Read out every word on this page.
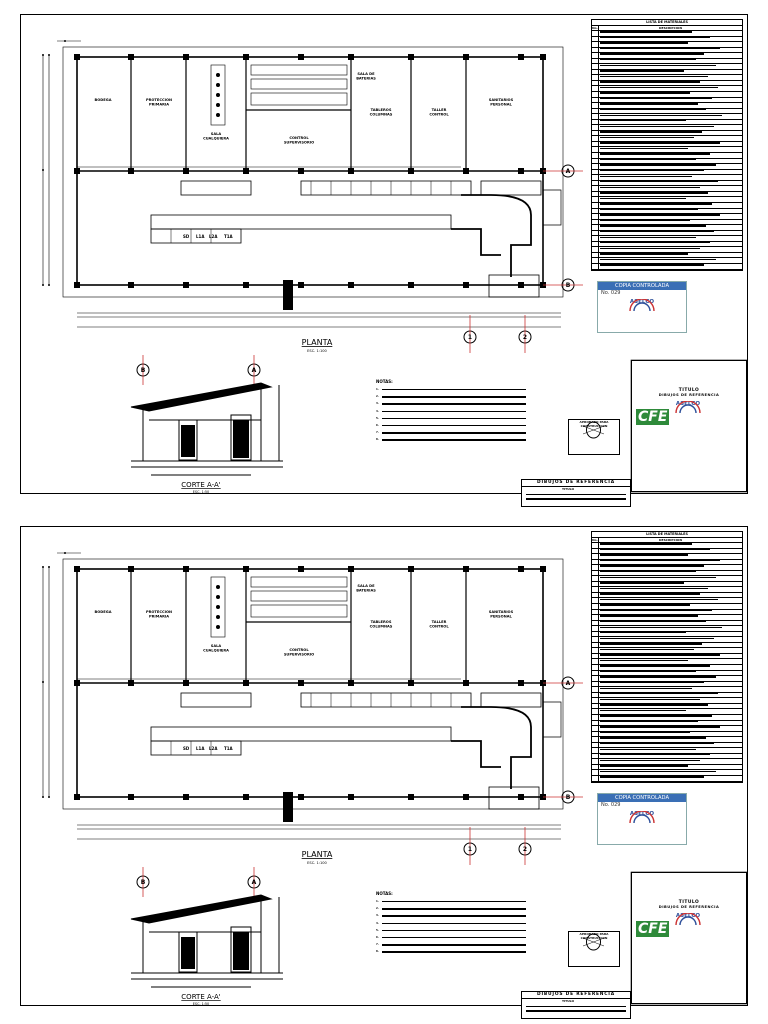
BODEGA	PROTECCION PRIMARIA
SALA CUALQUIERA	CONTROL SUPERVISORIO
TABLEROS COLUMNAS
TALLER CONTROL
SANITARIOS PERSONAL
SALA DE BATERIAS
SD L1A L2A T1A
A
B
1	2
B	A
PLANTA
ESC. 1:100
CORTE A-A'
ESC. 1:50
LISTA DE MATERIALES
No.	DESCRIPCION
COPIA CONTROLADA
No. 029
ASELCO
APROBADO PARA CONSTRUCCION
NOTAS:
1.
2.
3.
4.
5.
6.
7.
8.
TITULO
DIBUJOS DE REFERENCIA
CFE
ASELCO
DIBUJOS DE REFERENCIA
TITULO
BODEGA	PROTECCION PRIMARIA
SALA CUALQUIERA	CONTROL SUPERVISORIO
TABLEROS COLUMNAS
TALLER CONTROL
SANITARIOS PERSONAL
SALA DE BATERIAS
SD L1A L2A T1A
A
B
1	2
B	A
PLANTA
ESC. 1:100
CORTE A-A'
ESC. 1:50
LISTA DE MATERIALES
No.	DESCRIPCION
COPIA CONTROLADA
No. 029
ASELCO
APROBADO PARA CONSTRUCCION
NOTAS:
1.
2.
3.
4.
5.
6.
7.
8.
TITULO
DIBUJOS DE REFERENCIA
CFE
ASELCO
DIBUJOS DE REFERENCIA
TITULO
